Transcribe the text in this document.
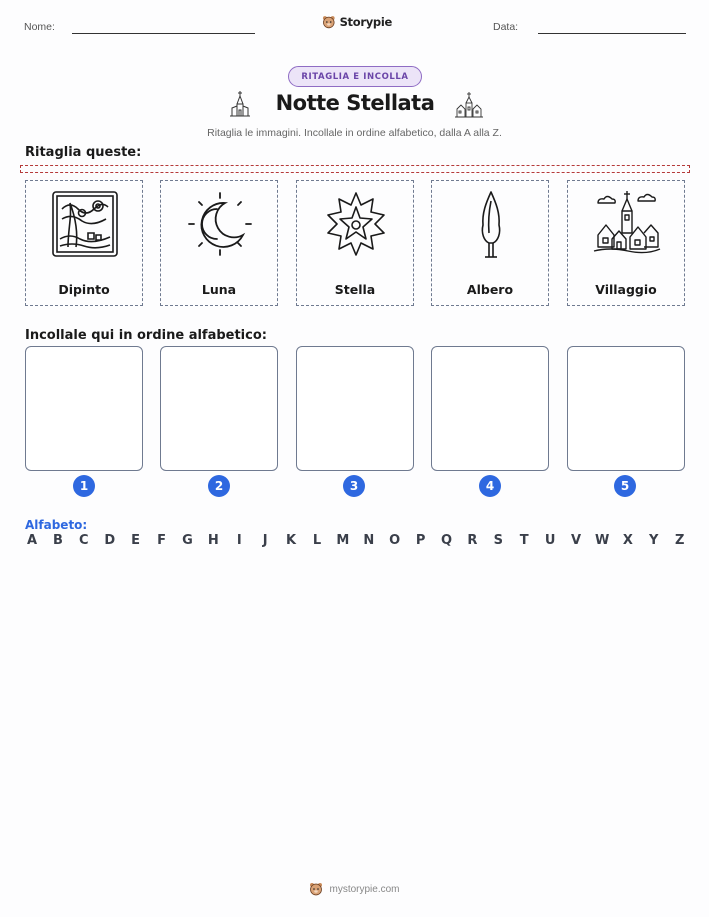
Nome:	Storypie	Data:
RITAGLIA E INCOLLA
Notte Stellata
Ritaglia le immagini. Incollale in ordine alfabetico, dalla A alla Z.
Ritaglia queste:
Dipinto	Luna	Stella	Albero	Villaggio
Incollale qui in ordine alfabetico:
1	2	3	4	5
Alfabeto:
A B C D E F G H	I	J	K L M N O P Q R S T U V W X Y Z
mystorypie.com
